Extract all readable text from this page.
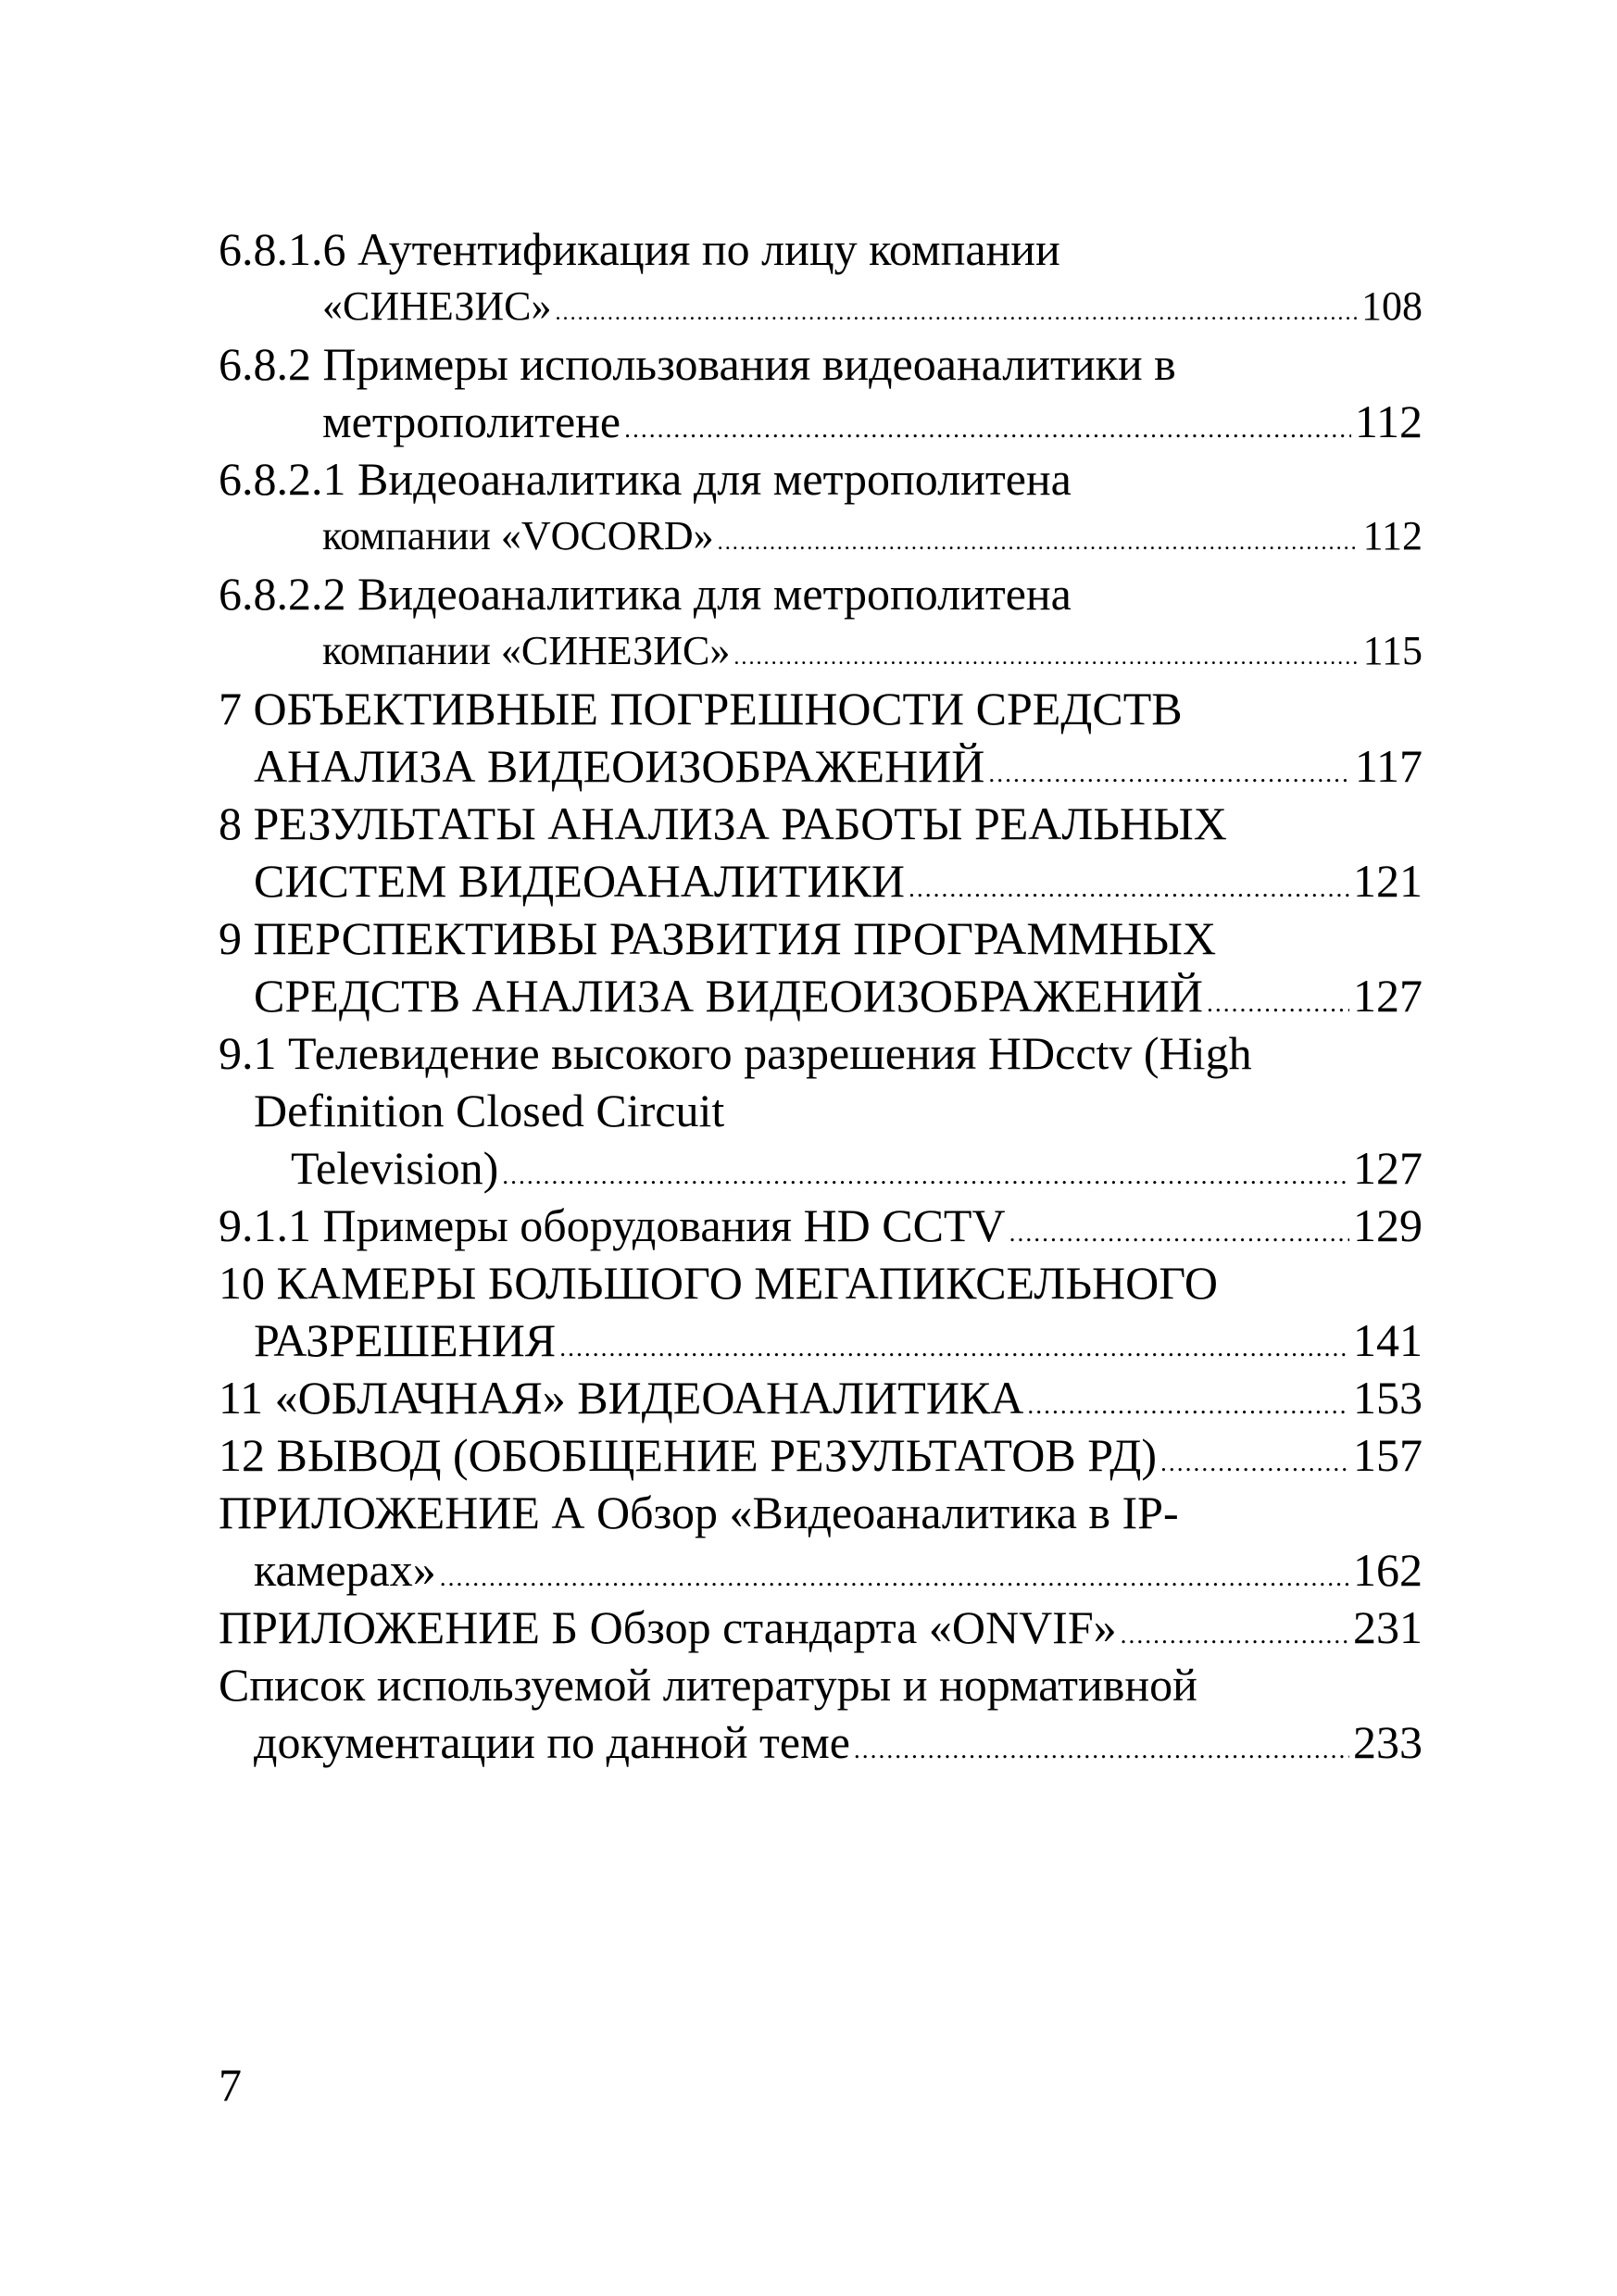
6.8.1.6 Аутентификация по лицу компании
«СИНЕЗИС» .....	108
6.8.2 Примеры использования видеоаналитики в
метрополитене .....	112
6.8.2.1 Видеоаналитика для метрополитена
компании «VOCORD» .....	112
6.8.2.2 Видеоаналитика для метрополитена
компании «СИНЕЗИС» .....	115
7 ОБЪЕКТИВНЫЕ ПОГРЕШНОСТИ СРЕДСТВ
АНАЛИЗА ВИДЕОИЗОБРАЖЕНИЙ .....	117
8 РЕЗУЛЬТАТЫ АНАЛИЗА РАБОТЫ РЕАЛЬНЫХ
СИСТЕМ ВИДЕОАНАЛИТИКИ .....	121
9 ПЕРСПЕКТИВЫ РАЗВИТИЯ ПРОГРАММНЫХ
СРЕДСТВ АНАЛИЗА ВИДЕОИЗОБРАЖЕНИЙ .....	127
9.1 Телевидение высокого разрешения HDcctv (High
Definition Closed Circuit
Television) .....	127
9.1.1 Примеры оборудования HD CCTV .....	129
10 КАМЕРЫ БОЛЬШОГО МЕГАПИКСЕЛЬНОГО
РАЗРЕШЕНИЯ .....	141
11 «ОБЛАЧНАЯ» ВИДЕОАНАЛИТИКА .....	153
12 ВЫВОД (ОБОБЩЕНИЕ РЕЗУЛЬТАТОВ РД) .....	157
ПРИЛОЖЕНИЕ А Обзор «Видеоаналитика в IP-
камерах» .....	162
ПРИЛОЖЕНИЕ Б Обзор стандарта «ONVIF» .....	231
Список используемой литературы и нормативной
документации по данной теме .....	233
7
